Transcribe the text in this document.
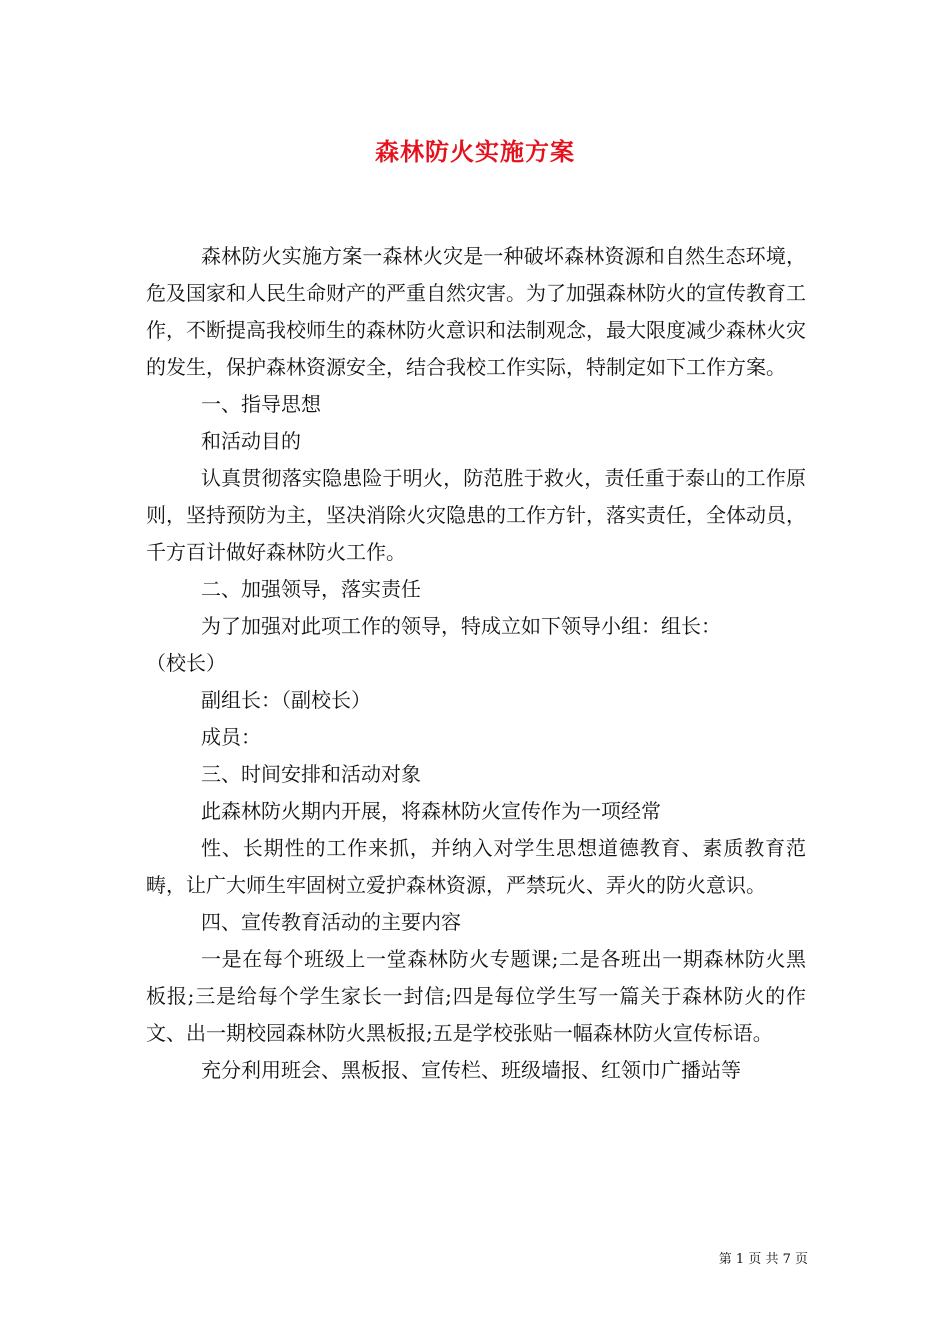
森林防火实施方案

森林防火实施方案一森林火灾是一种破坏森林资源和自然生态环境，危及国家和人民生命财产的严重自然灾害。为了加强森林防火的宣传教育工作，不断提高我校师生的森林防火意识和法制观念，最大限度减少森林火灾的发生，保护森林资源安全，结合我校工作实际，特制定如下工作方案。

一、指导思想

和活动目的

认真贯彻落实隐患险于明火，防范胜于救火，责任重于泰山的工作原则，坚持预防为主，坚决消除火灾隐患的工作方针，落实责任，全体动员，千方百计做好森林防火工作。

二、加强领导，落实责任

为了加强对此项工作的领导，特成立如下领导小组：组长：

（校长）

副组长：（副校长）

成员：

三、时间安排和活动对象

此森林防火期内开展，将森林防火宣传作为一项经常

性、长期性的工作来抓，并纳入对学生思想道德教育、素质教育范畴，让广大师生牢固树立爱护森林资源，严禁玩火、弄火的防火意识。

四、宣传教育活动的主要内容

一是在每个班级上一堂森林防火专题课;二是各班出一期森林防火黑板报;三是给每个学生家长一封信;四是每位学生写一篇关于森林防火的作文、出一期校园森林防火黑板报;五是学校张贴一幅森林防火宣传标语。

充分利用班会、黑板报、宣传栏、班级墙报、红领巾广播站等

第 1 页 共 7 页
